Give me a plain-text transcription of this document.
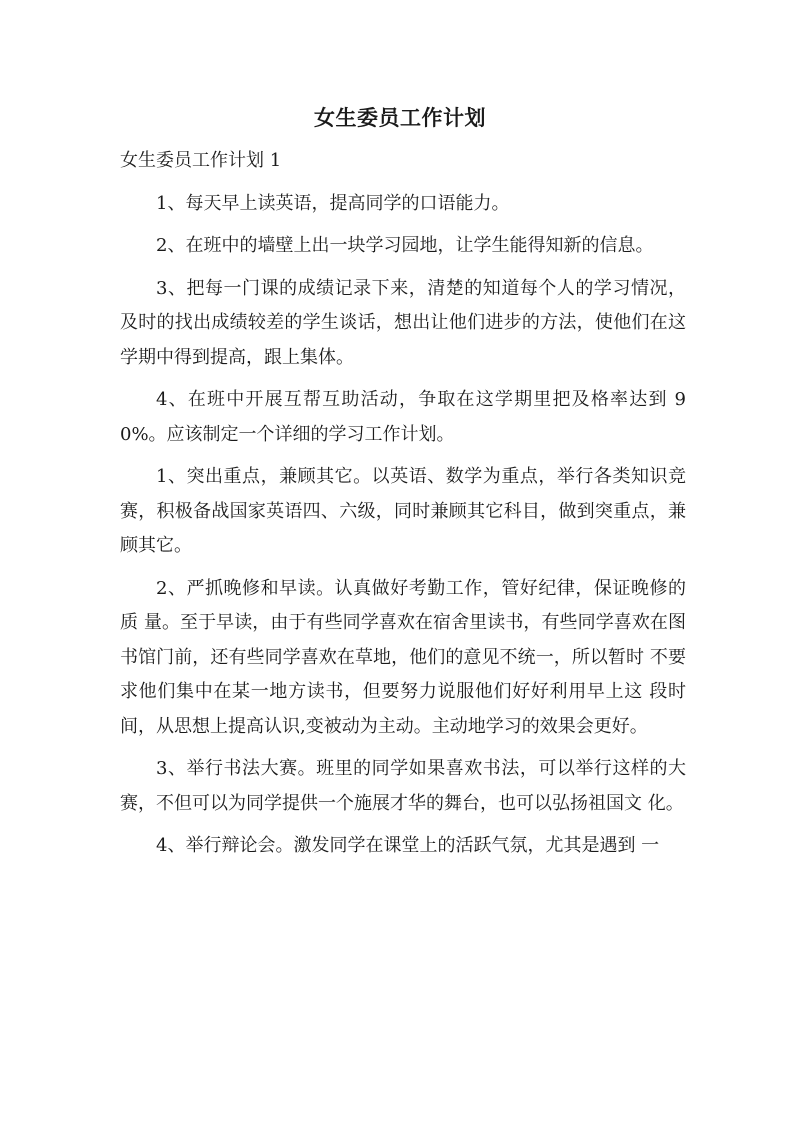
女生委员工作计划
女生委员工作计划 1
1、每天早上读英语，提高同学的口语能力。
2、在班中的墙壁上出一块学习园地，让学生能得知新的信息。
3、把每一门课的成绩记录下来，清楚的知道每个人的学习情况，及时的找出成绩较差的学生谈话，想出让他们进步的方法，使他们在这学期中得到提高，跟上集体。
4、在班中开展互帮互助活动，争取在这学期里把及格率达到 90%。应该制定一个详细的学习工作计划。
1、突出重点，兼顾其它。以英语、数学为重点，举行各类知识竞 赛，积极备战国家英语四、六级，同时兼顾其它科目，做到突重点，兼顾其它。
2、严抓晚修和早读。认真做好考勤工作，管好纪律，保证晚修的质 量。至于早读，由于有些同学喜欢在宿舍里读书，有些同学喜欢在图 书馆门前，还有些同学喜欢在草地，他们的意见不统一，所以暂时 不要求他们集中在某一地方读书，但要努力说服他们好好利用早上这 段时间，从思想上提高认识,变被动为主动。主动地学习的效果会更好。
3、举行书法大赛。班里的同学如果喜欢书法，可以举行这样的大 赛，不但可以为同学提供一个施展才华的舞台，也可以弘扬祖国文 化。
4、举行辩论会。激发同学在课堂上的活跃气氛，尤其是遇到 一
